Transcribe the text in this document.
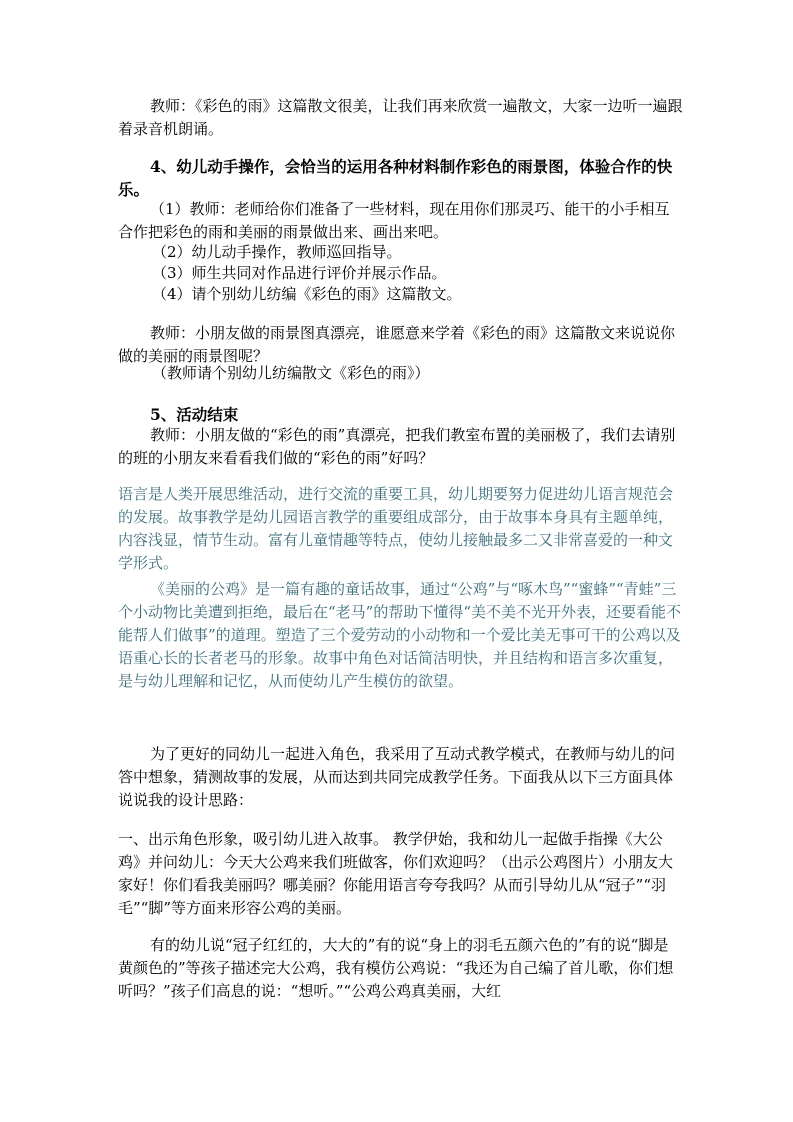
教师：《彩色的雨》这篇散文很美，让我们再来欣赏一遍散文，大家一边听一遍跟着录音机朗诵。

4、幼儿动手操作，会恰当的运用各种材料制作彩色的雨景图，体验合作的快乐。

（1）教师：老师给你们准备了一些材料，现在用你们那灵巧、能干的小手相互合作把彩色的雨和美丽的雨景做出来、画出来吧。

（2）幼儿动手操作，教师巡回指导。

（3）师生共同对作品进行评价并展示作品。

（4）请个别幼儿纺编《彩色的雨》这篇散文。

教师：小朋友做的雨景图真漂亮，谁愿意来学着《彩色的雨》这篇散文来说说你做的美丽的雨景图呢？

（教师请个别幼儿纺编散文《彩色的雨》）

5、活动结束

教师：小朋友做的“彩色的雨”真漂亮，把我们教室布置的美丽极了，我们去请别的班的小朋友来看看我们做的“彩色的雨”好吗？

语言是人类开展思维活动，进行交流的重要工具，幼儿期要努力促进幼儿语言规范会的发展。故事教学是幼儿园语言教学的重要组成部分，由于故事本身具有主题单纯，内容浅显，情节生动。富有儿童情趣等特点，使幼儿接触最多二又非常喜爱的一种文学形式。

《美丽的公鸡》是一篇有趣的童话故事，通过“公鸡”与“啄木鸟”“蜜蜂”“青蛙”三个小动物比美遭到拒绝，最后在“老马”的帮助下懂得“美不美不光开外表，还要看能不能帮人们做事”的道理。塑造了三个爱劳动的小动物和一个爱比美无事可干的公鸡以及语重心长的长者老马的形象。故事中角色对话简洁明快，并且结构和语言多次重复，是与幼儿理解和记忆，从而使幼儿产生模仿的欲望。

为了更好的同幼儿一起进入角色，我采用了互动式教学模式，在教师与幼儿的问答中想象，猜测故事的发展，从而达到共同完成教学任务。下面我从以下三方面具体说说我的设计思路：

一、出示角色形象，吸引幼儿进入故事。 教学伊始，我和幼儿一起做手指操《大公鸡》并问幼儿：今天大公鸡来我们班做客，你们欢迎吗？（出示公鸡图片）小朋友大家好！你们看我美丽吗？哪美丽？你能用语言夸夸我吗？从而引导幼儿从“冠子”“羽毛”“脚”等方面来形容公鸡的美丽。

有的幼儿说“冠子红红的，大大的”有的说“身上的羽毛五颜六色的”有的说“脚是黄颜色的”等孩子描述完大公鸡，我有模仿公鸡说：“我还为自己编了首儿歌，你们想听吗？”孩子们高息的说：“想听。”“公鸡公鸡真美丽，大红
